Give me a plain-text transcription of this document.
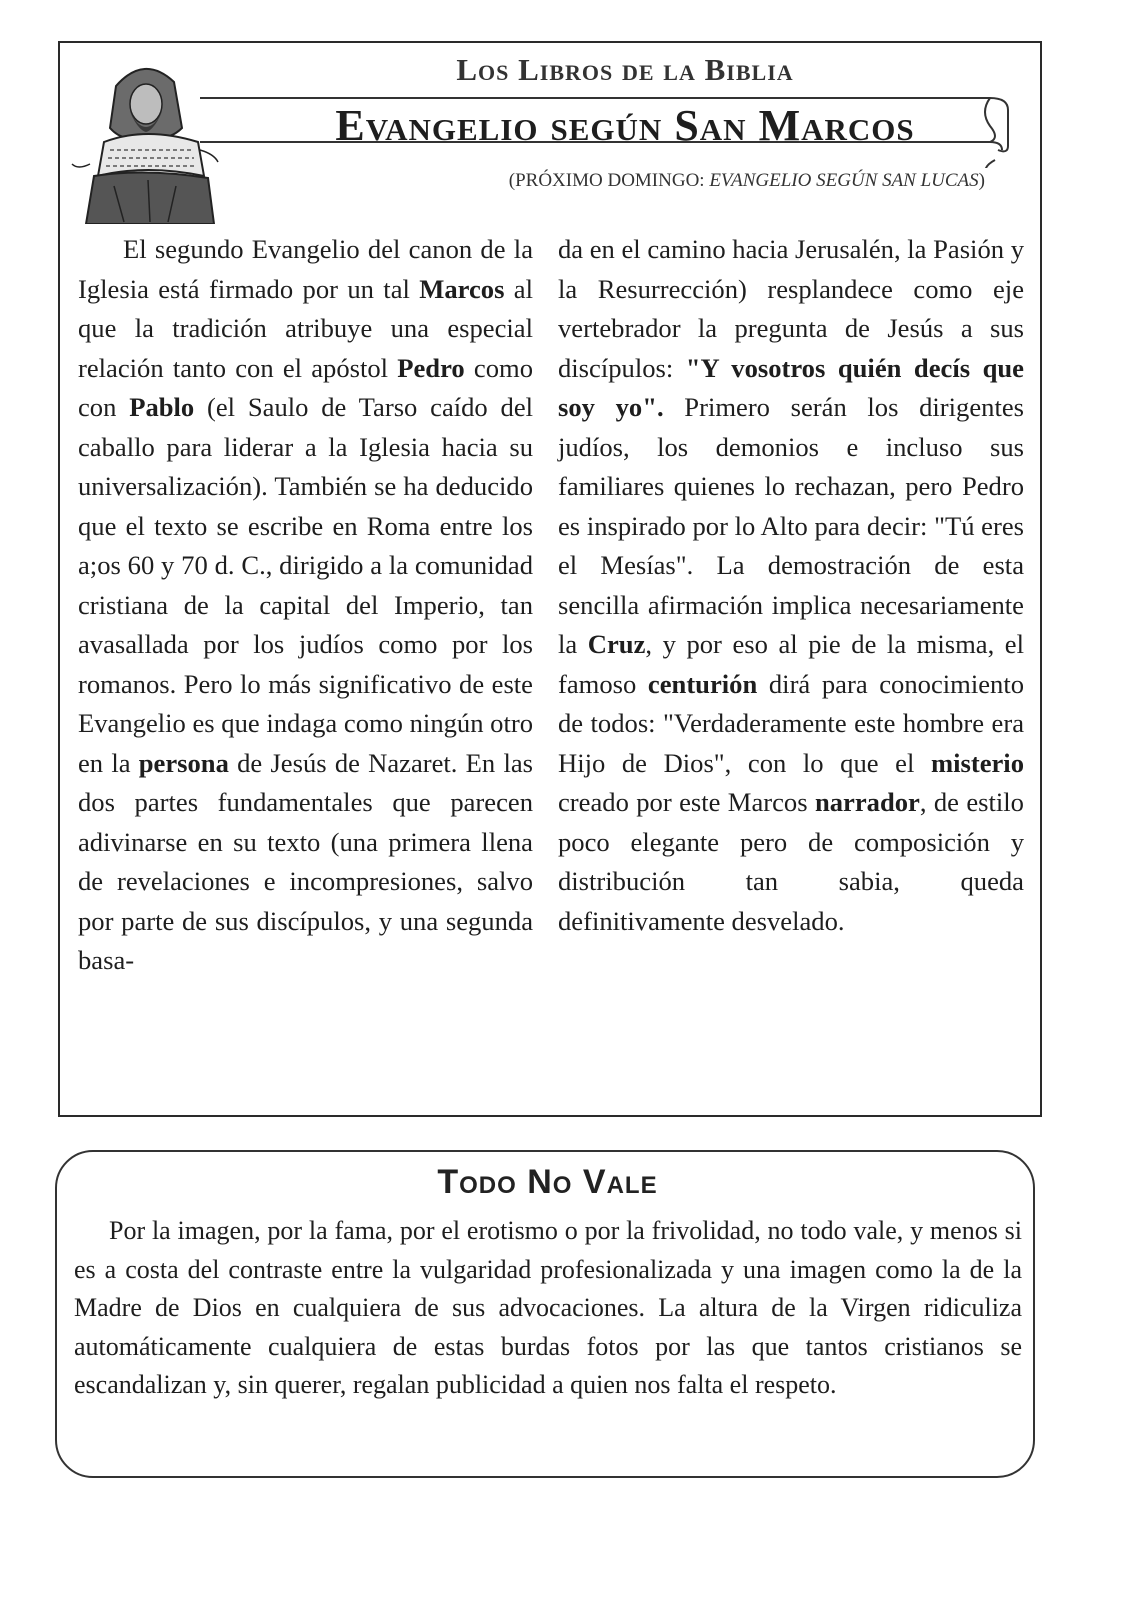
Los Libros de la Biblia
Evangelio según San Marcos
(PRÓXIMO DOMINGO: EVANGELIO SEGÚN SAN LUCAS)

El segundo Evangelio del canon de la Iglesia está firmado por un tal Marcos al que la tradición atribuye una especial relación tanto con el apóstol Pedro como con Pablo (el Saulo de Tarso caído del caballo para liderar a la Iglesia hacia su universalización). También se ha deducido que el texto se escribe en Roma entre los a;os 60 y 70 d. C., dirigido a la comunidad cristiana de la capital del Imperio, tan avasallada por los judíos como por los romanos. Pero lo más significativo de este Evangelio es que indaga como ningún otro en la persona de Jesús de Nazaret. En las dos partes fundamentales que parecen adivinarse en su texto (una primera llena de revelaciones e incompresiones, salvo por parte de sus discípulos, y una segunda basa-

da en el camino hacia Jerusalén, la Pasión y la Resurrección) resplandece como eje vertebrador la pregunta de Jesús a sus discípulos: "Y vosotros quién decís que soy yo". Primero serán los dirigentes judíos, los demonios e incluso sus familiares quienes lo rechazan, pero Pedro es inspirado por lo Alto para decir: "Tú eres el Mesías". La demostración de esta sencilla afirmación implica necesariamente la Cruz, y por eso al pie de la misma, el famoso centurión dirá para conocimiento de todos: "Verdaderamente este hombre era Hijo de Dios", con lo que el misterio creado por este Marcos narrador, de estilo poco elegante pero de composición y distribución tan sabia, queda definitivamente desvelado.

Todo No Vale

Por la imagen, por la fama, por el erotismo o por la frivolidad, no todo vale, y menos si es a costa del contraste entre la vulgaridad profesionalizada y una imagen como la de la Madre de Dios en cualquiera de sus advocaciones. La altura de la Virgen ridiculiza automáticamente cualquiera de estas burdas fotos por las que tantos cristianos se escandalizan y, sin querer, regalan publicidad a quien nos falta el respeto.
